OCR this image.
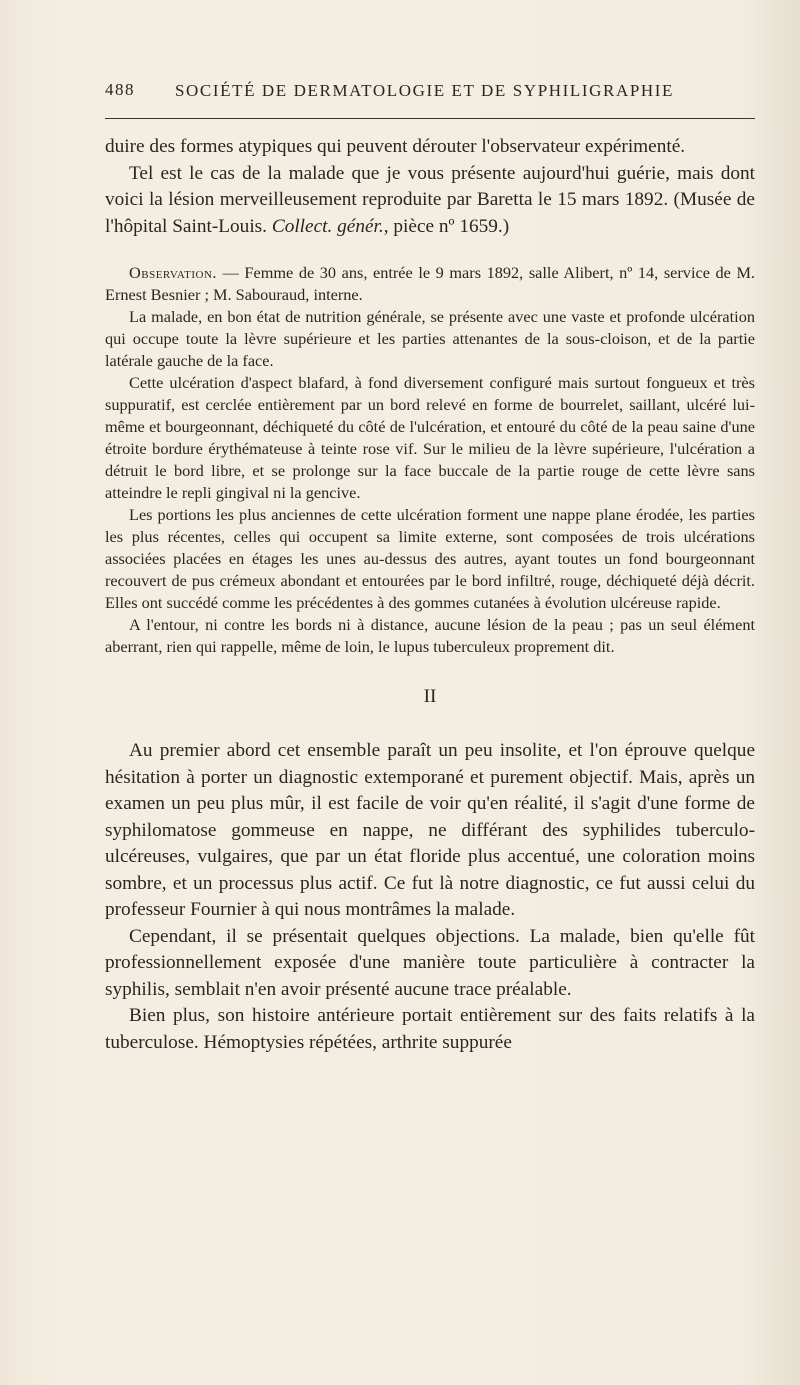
488 SOCIÉTÉ DE DERMATOLOGIE ET DE SYPHILIGRAPHIE

duire des formes atypiques qui peuvent dérouter l'observateur expérimenté.

Tel est le cas de la malade que je vous présente aujourd'hui guérie, mais dont voici la lésion merveilleusement reproduite par Baretta le 15 mars 1892. (Musée de l'hôpital Saint-Louis. Collect. génér., pièce nº 1659.)

Observation. — Femme de 30 ans, entrée le 9 mars 1892, salle Alibert, nº 14, service de M. Ernest Besnier ; M. Sabouraud, interne.

La malade, en bon état de nutrition générale, se présente avec une vaste et profonde ulcération qui occupe toute la lèvre supérieure et les parties attenantes de la sous-cloison, et de la partie latérale gauche de la face.

Cette ulcération d'aspect blafard, à fond diversement configuré mais surtout fongueux et très suppuratif, est cerclée entièrement par un bord relevé en forme de bourrelet, saillant, ulcéré lui-même et bourgeonnant, déchiqueté du côté de l'ulcération, et entouré du côté de la peau saine d'une étroite bordure érythémateuse à teinte rose vif. Sur le milieu de la lèvre supérieure, l'ulcération a détruit le bord libre, et se prolonge sur la face buccale de la partie rouge de cette lèvre sans atteindre le repli gingival ni la gencive.

Les portions les plus anciennes de cette ulcération forment une nappe plane érodée, les parties les plus récentes, celles qui occupent sa limite externe, sont composées de trois ulcérations associées placées en étages les unes au-dessus des autres, ayant toutes un fond bourgeonnant recouvert de pus crémeux abondant et entourées par le bord infiltré, rouge, déchiqueté déjà décrit. Elles ont succédé comme les précédentes à des gommes cutanées à évolution ulcéreuse rapide.

A l'entour, ni contre les bords ni à distance, aucune lésion de la peau ; pas un seul élément aberrant, rien qui rappelle, même de loin, le lupus tuberculeux proprement dit.

II

Au premier abord cet ensemble paraît un peu insolite, et l'on éprouve quelque hésitation à porter un diagnostic extemporané et purement objectif. Mais, après un examen un peu plus mûr, il est facile de voir qu'en réalité, il s'agit d'une forme de syphilomatose gommeuse en nappe, ne différant des syphilides tuberculo-ulcéreuses, vulgaires, que par un état floride plus accentué, une coloration moins sombre, et un processus plus actif. Ce fut là notre diagnostic, ce fut aussi celui du professeur Fournier à qui nous montrâmes la malade.

Cependant, il se présentait quelques objections. La malade, bien qu'elle fût professionnellement exposée d'une manière toute particulière à contracter la syphilis, semblait n'en avoir présenté aucune trace préalable.

Bien plus, son histoire antérieure portait entièrement sur des faits relatifs à la tuberculose. Hémoptysies répétées, arthrite suppurée
